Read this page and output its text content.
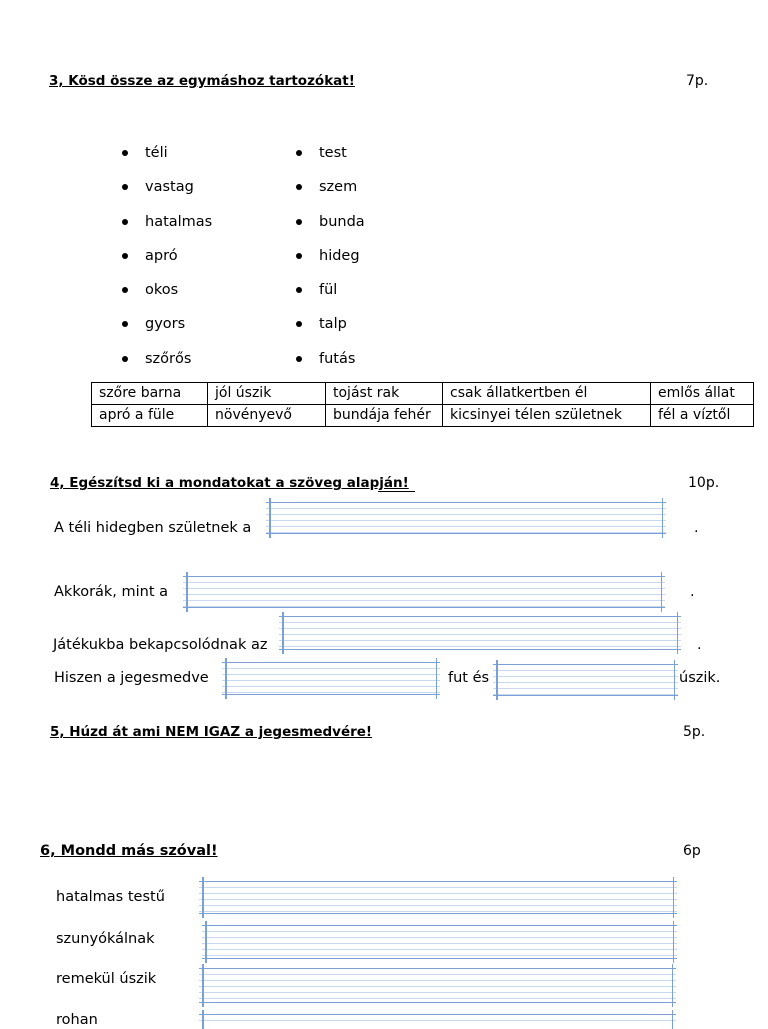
3, Kösd össze az egymáshoz tartozókat!	7p.
téli
vastag
hatalmas
apró
okos
gyors
szőrős
test
szem
bunda
hideg
fül
talp
futás
szőre barna	jól úszik	tojást rak	csak állatkertben él	emlős állat
apró a füle	növényevő	bundája fehér	kicsinyei télen születnek	fél a víztől
4, Egészítsd ki a mondatokat a szöveg alapján!	10p.
A téli hidegben születnek a	.
Akkorák, mint a	.
Játékukba bekapcsolódnak az	.
Hiszen a jegesmedve	fut és	úszik.
5, Húzd át ami NEM IGAZ a jegesmedvére!	5p.
6, Mondd más szóval!	6p
hatalmas testű
szunyókálnak
remekül úszik
rohan
